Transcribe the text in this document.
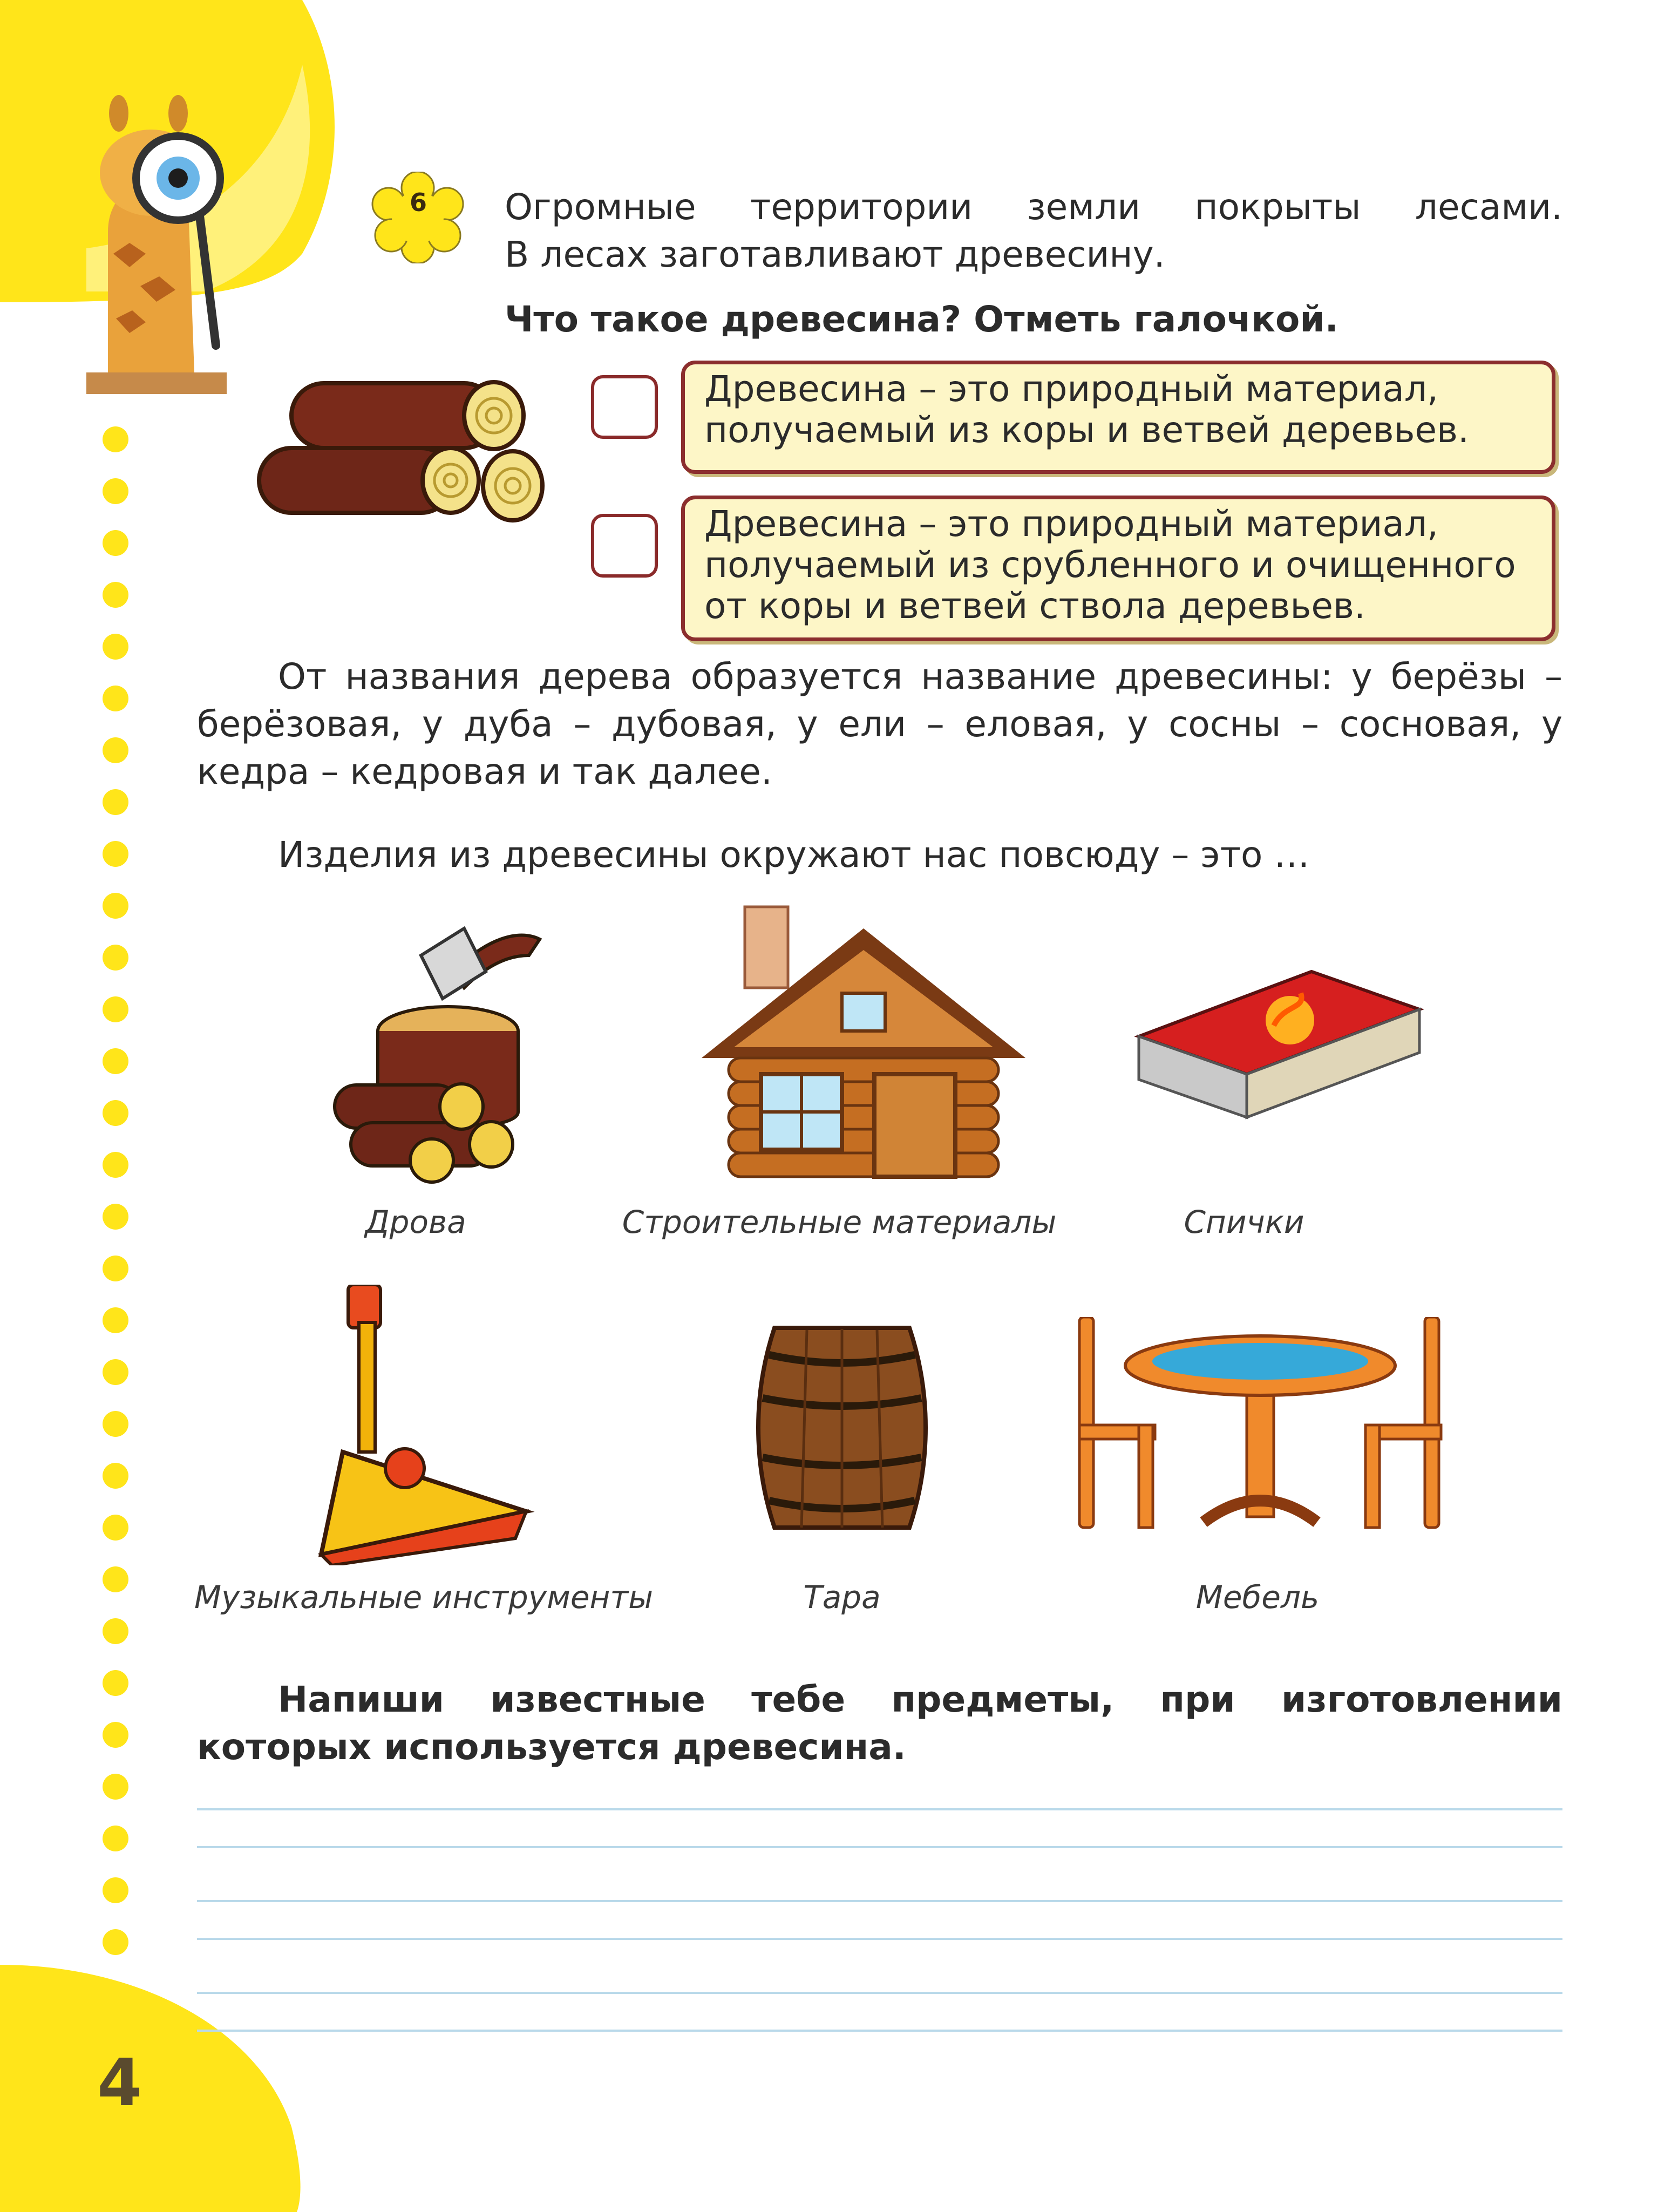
6 Огромные территории земли покрыты лесами.
В лесах заготавливают древесину.
Что такое древесина? Отметь галочкой.
Древесина – это природный материал, получаемый из коры и ветвей деревьев.
Древесина – это природный материал, получаемый из срубленного и очищенного от коры и ветвей ствола деревьев.
От названия дерева образуется название древесины: у берёзы – берёзовая, у дуба – дубовая, у ели – еловая, у сосны – сосновая, у кедра – кедровая и так далее.
Изделия из древесины окружают нас повсюду – это …
Дрова	Строительные материалы	Спички
Музыкальные инструменты	Тара	Мебель
Напиши известные тебе предметы, при изготовлении которых используется древесина.
4
